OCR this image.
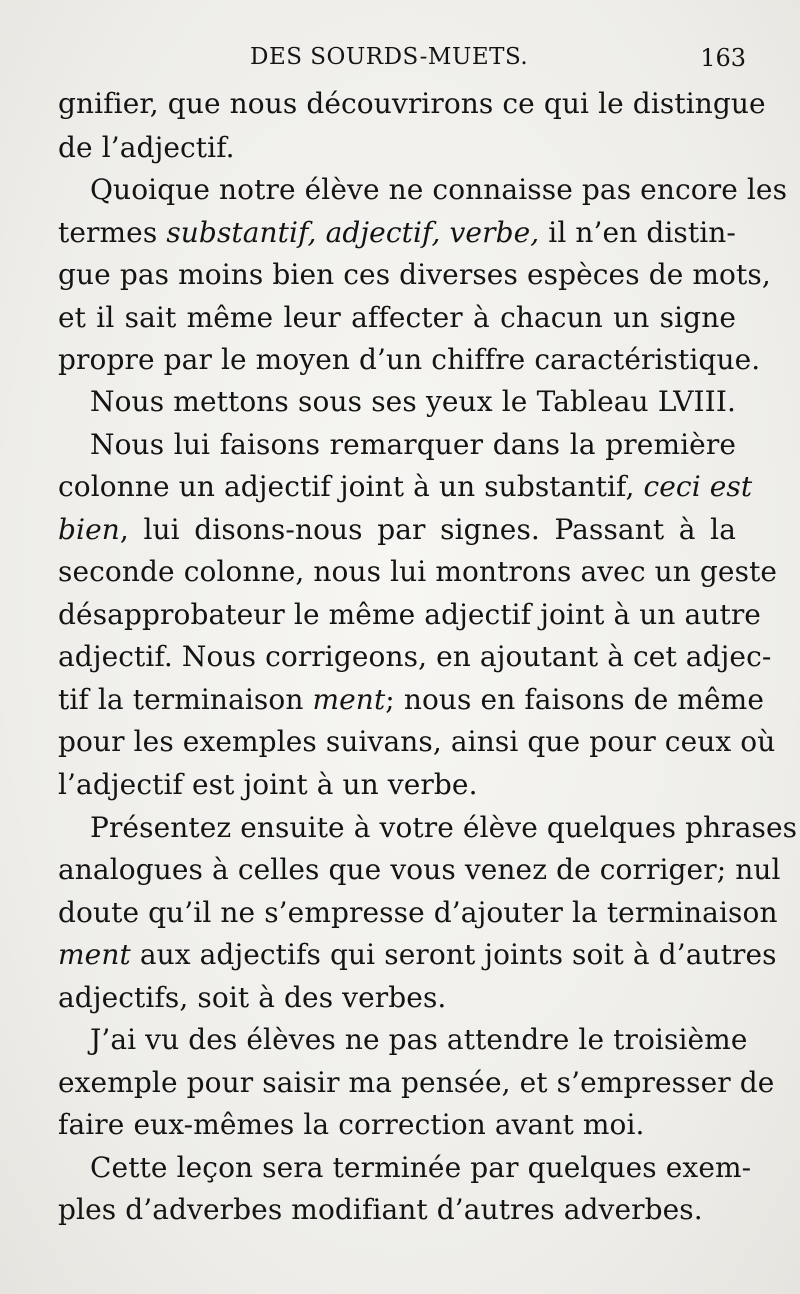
DES SOURDS-MUETS.	163
gnifier, que nous découvrirons ce qui le distingue
de l’adjectif.
Quoique notre élève ne connaisse pas encore les
termes substantif, adjectif, verbe, il n’en distin-
gue pas moins bien ces diverses espèces de mots,
et il sait même leur affecter à chacun un signe
propre par le moyen d’un chiffre caractéristique.
Nous mettons sous ses yeux le Tableau LVIII.
Nous lui faisons remarquer dans la première
colonne un adjectif joint à un substantif, ceci est
bien, lui disons-nous par signes. Passant à la
seconde colonne, nous lui montrons avec un geste
désapprobateur le même adjectif joint à un autre
adjectif. Nous corrigeons, en ajoutant à cet adjec-
tif la terminaison ment; nous en faisons de même
pour les exemples suivans, ainsi que pour ceux où
l’adjectif est joint à un verbe.
Présentez ensuite à votre élève quelques phrases
analogues à celles que vous venez de corriger; nul
doute qu’il ne s’empresse d’ajouter la terminaison
ment aux adjectifs qui seront joints soit à d’autres
adjectifs, soit à des verbes.
J’ai vu des élèves ne pas attendre le troisième
exemple pour saisir ma pensée, et s’empresser de
faire eux-mêmes la correction avant moi.
Cette leçon sera terminée par quelques exem-
ples d’adverbes modifiant d’autres adverbes.
